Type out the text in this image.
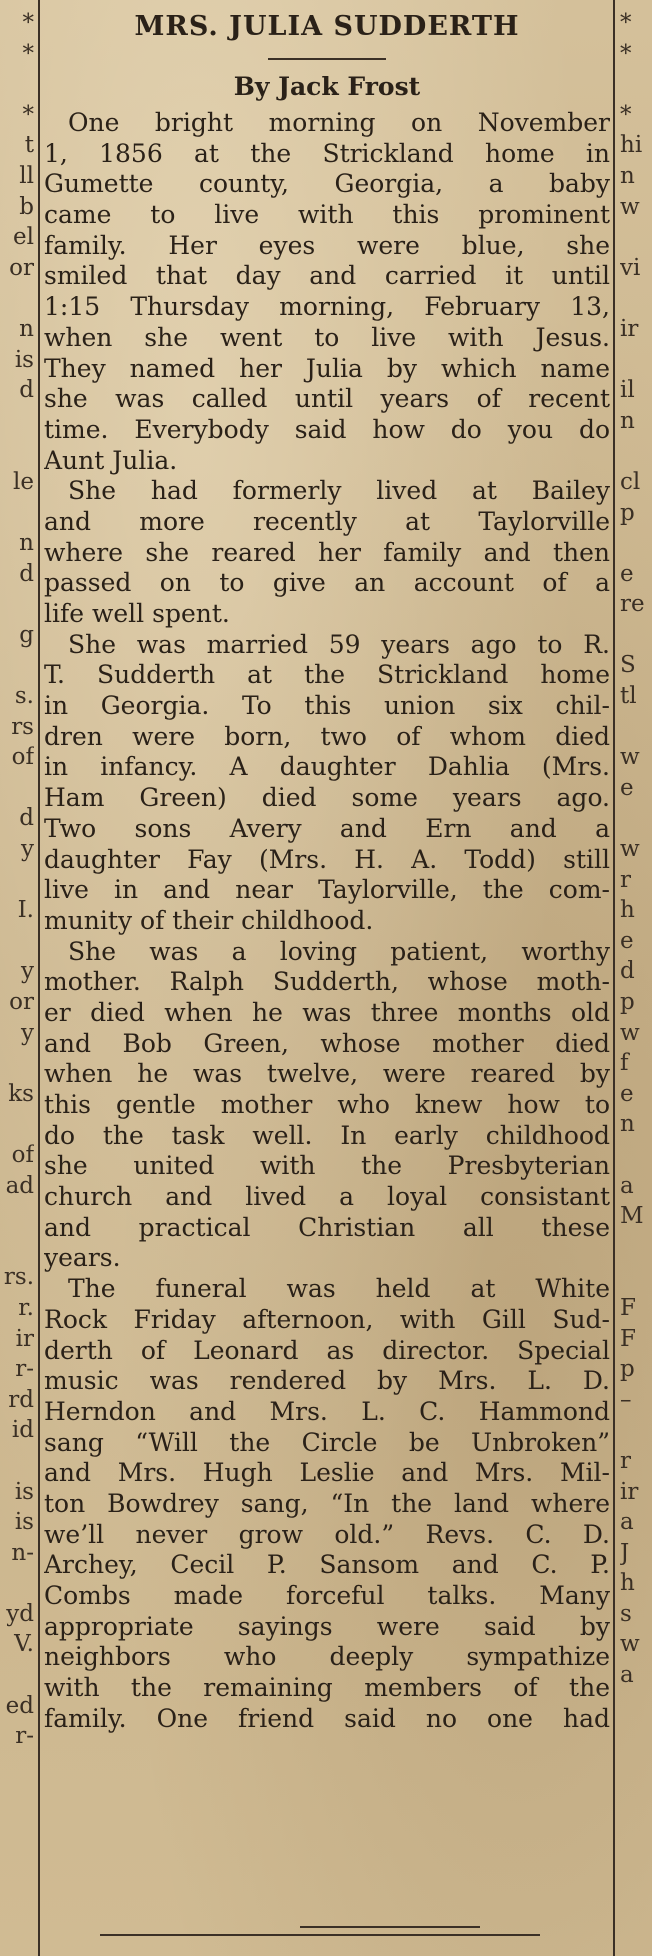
*
*
*
t
ll
b
el
or
n
is
d
le
n
d
g
s.
rs
of
d
y
I.
y
or
y
ks
of
ad
rs.
r.
ir
r-
rd
id
is
is
n-
yd
V.
ed
r-
*
*
*
hi
n
w
vi
ir
il
n
cl
p
e
re
S
tl
w
e
w
r
h
e
d
p
w
f
e
n
a
M
F
F
p
–
r
ir
a
J
h
s
w
a
MRS. JULIA SUDDERTH
By Jack Frost
One bright morning on November
1, 1856 at the Strickland home in
Gumette county, Georgia, a baby
came to live with this prominent
family. Her eyes were blue, she
smiled that day and carried it until
1:15 Thursday morning, February 13,
when she went to live with Jesus.
They named her Julia by which name
she was called until years of recent
time. Everybody said how do you do
Aunt Julia.
She had formerly lived at Bailey
and more recently at Taylorville
where she reared her family and then
passed on to give an account of a
life well spent.
She was married 59 years ago to R.
T. Sudderth at the Strickland home
in Georgia. To this union six chil-
dren were born, two of whom died
in infancy. A daughter Dahlia (Mrs.
Ham Green) died some years ago.
Two sons Avery and Ern and a
daughter Fay (Mrs. H. A. Todd) still
live in and near Taylorville, the com-
munity of their childhood.
She was a loving patient, worthy
mother. Ralph Sudderth, whose moth-
er died when he was three months old
and Bob Green, whose mother died
when he was twelve, were reared by
this gentle mother who knew how to
do the task well. In early childhood
she united with the Presbyterian
church and lived a loyal consistant
and practical Christian all these
years.
The funeral was held at White
Rock Friday afternoon, with Gill Sud-
derth of Leonard as director. Special
music was rendered by Mrs. L. D.
Herndon and Mrs. L. C. Hammond
sang “Will the Circle be Unbroken”
and Mrs. Hugh Leslie and Mrs. Mil-
ton Bowdrey sang, “In the land where
we’ll never grow old.” Revs. C. D.
Archey, Cecil P. Sansom and C. P.
Combs made forceful talks. Many
appropriate sayings were said by
neighbors who deeply sympathize
with the remaining members of the
family. One friend said no one had
